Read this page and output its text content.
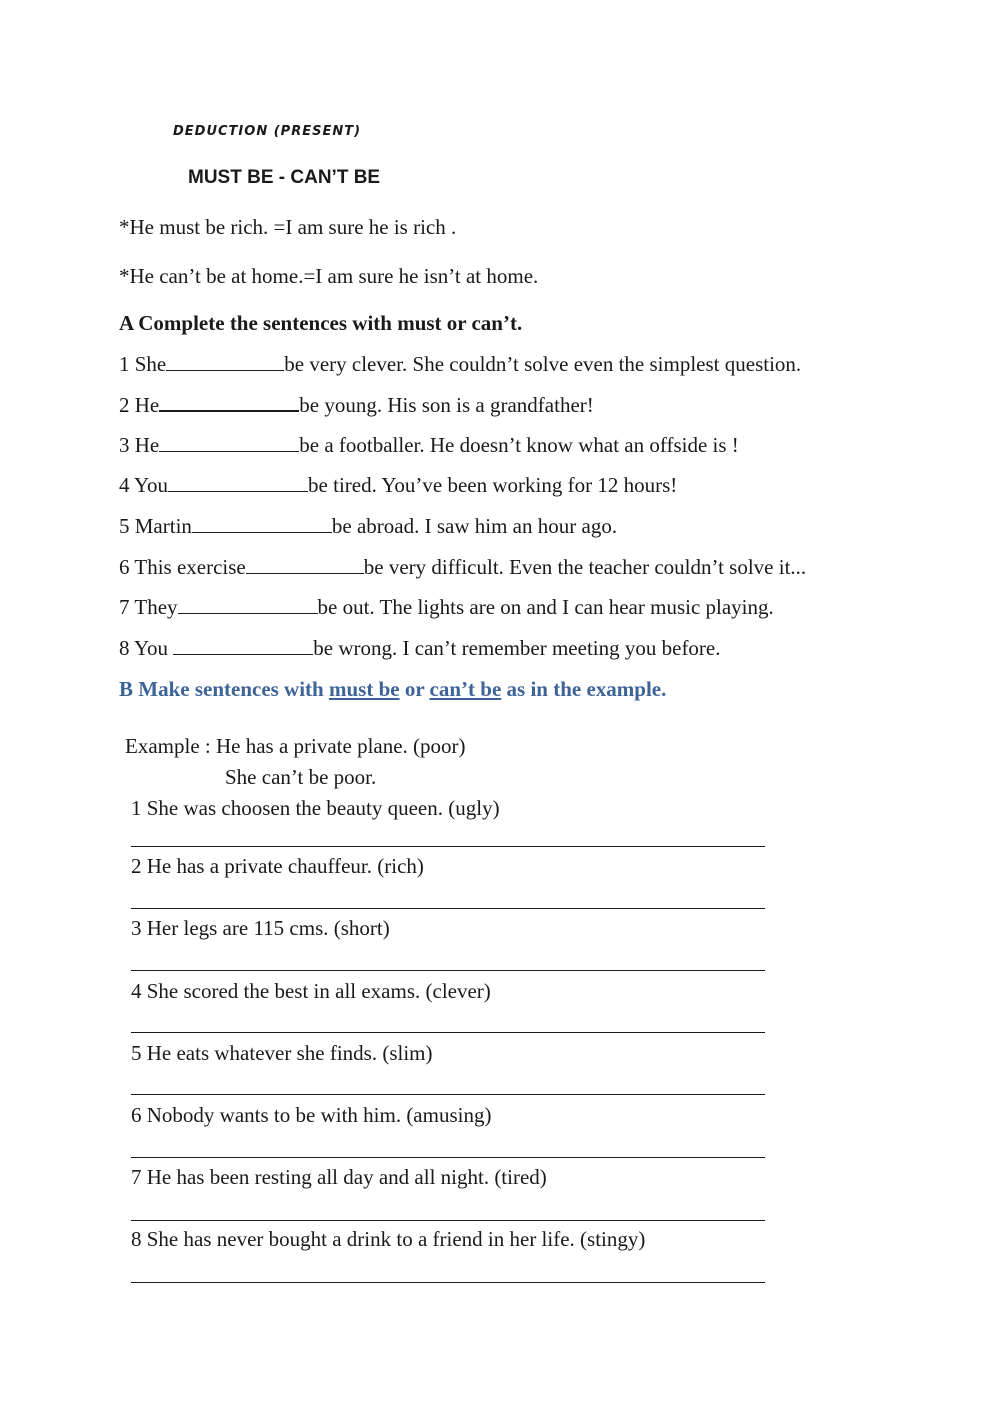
DEDUCTION (PRESENT)
MUST BE - CAN’T BE
*He must be rich. =I am sure he is rich .
*He can’t be at home.=I am sure he isn’t at home.
A Complete the sentences with must or can’t.
1 She	be very clever. She couldn’t solve even the simplest question.
2 He	be young. His son is a grandfather!
3 He	be a footballer. He doesn’t know what an offside is !
4 You	be tired. You’ve been working for 12 hours!
5 Martin	be abroad. I saw him an hour ago.
6 This exercise	be very difficult. Even the teacher couldn’t solve it...
7 They	be out. The lights are on and I can hear music playing.
8 You	be wrong. I can’t remember meeting you before.
B Make sentences with must be or can’t be as in the example.
Example : He has a private plane. (poor)
She can’t be poor.
1 She was choosen the beauty queen. (ugly)
2 He has a private chauffeur. (rich)
3 Her legs are 115 cms. (short)
4 She scored the best in all exams. (clever)
5 He eats whatever she finds. (slim)
6 Nobody wants to be with him. (amusing)
7 He has been resting all day and all night. (tired)
8 She has never bought a drink to a friend in her life. (stingy)
